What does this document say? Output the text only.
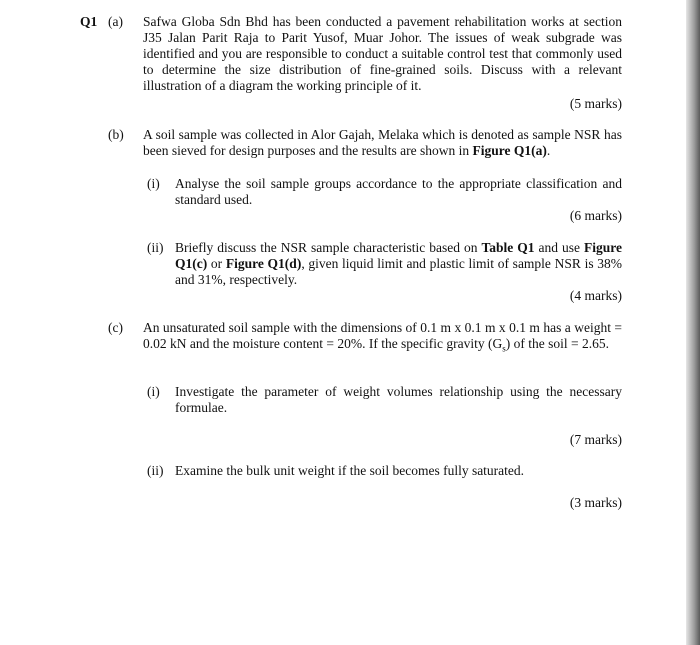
Q1 (a) Safwa Globa Sdn Bhd has been conducted a pavement rehabilitation works at section J35 Jalan Parit Raja to Parit Yusof, Muar Johor. The issues of weak subgrade was identified and you are responsible to conduct a suitable control test that commonly used to determine the size distribution of fine-grained soils. Discuss with a relevant illustration of a diagram the working principle of it.
(5 marks)
(b) A soil sample was collected in Alor Gajah, Melaka which is denoted as sample NSR has been sieved for design purposes and the results are shown in Figure Q1(a).
(i) Analyse the soil sample groups accordance to the appropriate classification and standard used.
(6 marks)
(ii) Briefly discuss the NSR sample characteristic based on Table Q1 and use Figure Q1(c) or Figure Q1(d), given liquid limit and plastic limit of sample NSR is 38% and 31%, respectively.
(4 marks)
(c) An unsaturated soil sample with the dimensions of 0.1 m x 0.1 m x 0.1 m has a weight = 0.02 kN and the moisture content = 20%. If the specific gravity $(G_s)$ of the soil = 2.65.
(i) Investigate the parameter of weight volumes relationship using the necessary formulae.
(7 marks)
(ii) Examine the bulk unit weight if the soil becomes fully saturated.
(3 marks)
